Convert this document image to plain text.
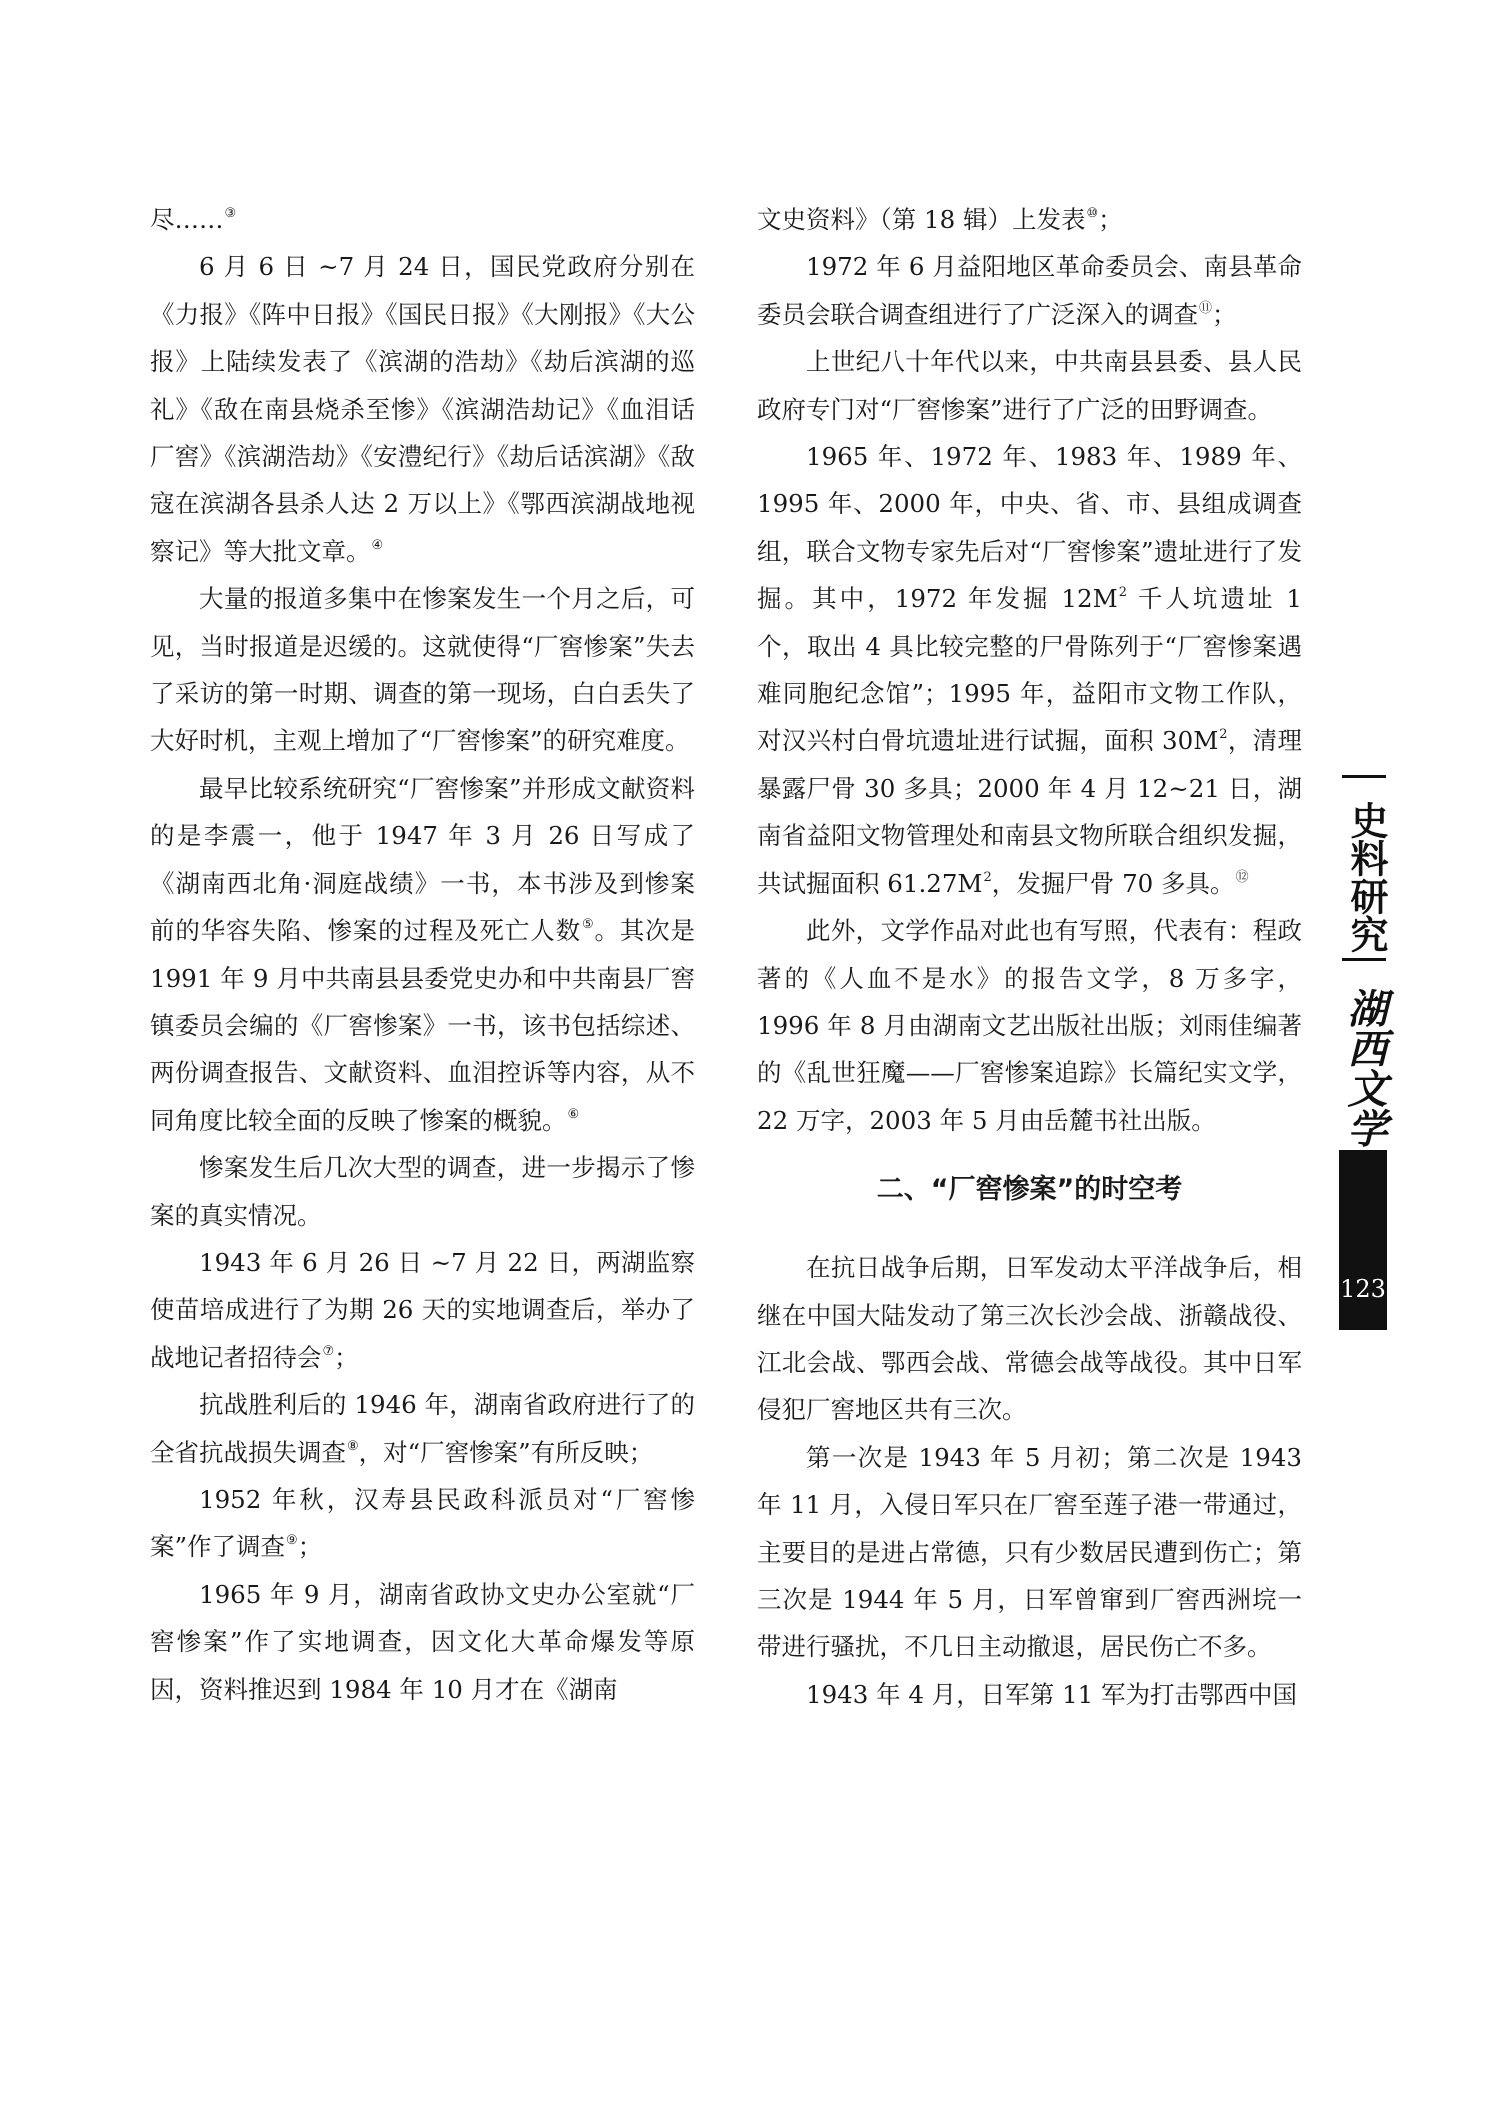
尽……③

6 月 6 日 ~7 月 24 日，国民党政府分别在《力报》《阵中日报》《国民日报》《大刚报》《大公报》上陆续发表了《滨湖的浩劫》《劫后滨湖的巡礼》《敌在南县烧杀至惨》《滨湖浩劫记》《血泪话厂窖》《滨湖浩劫》《安澧纪行》《劫后话滨湖》《敌寇在滨湖各县杀人达 2 万以上》《鄂西滨湖战地视察记》等大批文章。④

大量的报道多集中在惨案发生一个月之后，可见，当时报道是迟缓的。这就使得“厂窖惨案”失去了采访的第一时期、调查的第一现场，白白丢失了大好时机，主观上增加了“厂窖惨案”的研究难度。

最早比较系统研究“厂窖惨案”并形成文献资料的是李震一，他于 1947 年 3 月 26 日写成了《湖南西北角·洞庭战绩》一书，本书涉及到惨案前的华容失陷、惨案的过程及死亡人数⑤。其次是 1991 年 9 月中共南县县委党史办和中共南县厂窖镇委员会编的《厂窖惨案》一书，该书包括综述、两份调查报告、文献资料、血泪控诉等内容，从不同角度比较全面的反映了惨案的概貌。⑥

惨案发生后几次大型的调查，进一步揭示了惨案的真实情况。

1943 年 6 月 26 日 ~7 月 22 日，两湖监察使苗培成进行了为期 26 天的实地调查后，举办了战地记者招待会⑦；

抗战胜利后的 1946 年，湖南省政府进行了的全省抗战损失调查⑧，对“厂窖惨案”有所反映；

1952 年秋，汉寿县民政科派员对“厂窖惨案”作了调查⑨；

1965 年 9 月，湖南省政协文史办公室就“厂窖惨案”作了实地调查，因文化大革命爆发等原因，资料推迟到 1984 年 10 月才在《湖南

文史资料》（第 18 辑）上发表⑩；

1972 年 6 月益阳地区革命委员会、南县革命委员会联合调查组进行了广泛深入的调查⑪；

上世纪八十年代以来，中共南县县委、县人民政府专门对“厂窖惨案”进行了广泛的田野调查。

1965 年、1972 年、1983 年、1989 年、1995 年、2000 年，中央、省、市、县组成调查组，联合文物专家先后对“厂窖惨案”遗址进行了发掘。其中，1972 年发掘 12M$^2$ 千人坑遗址 1 个，取出 4 具比较完整的尸骨陈列于“厂窖惨案遇难同胞纪念馆”；1995 年，益阳市文物工作队，对汉兴村白骨坑遗址进行试掘，面积 30M$^2$，清理暴露尸骨 30 多具；2000 年 4 月 12~21 日，湖南省益阳文物管理处和南县文物所联合组织发掘，共试掘面积 61.27M$^2$，发掘尸骨 70 多具。⑫

此外，文学作品对此也有写照，代表有：程政著的《人血不是水》的报告文学，8 万多字，1996 年 8 月由湖南文艺出版社出版；刘雨佳编著的《乱世狂魔——厂窖惨案追踪》长篇纪实文学，22 万字，2003 年 5 月由岳麓书社出版。

二、“厂窖惨案”的时空考

在抗日战争后期，日军发动太平洋战争后，相继在中国大陆发动了第三次长沙会战、浙赣战役、江北会战、鄂西会战、常德会战等战役。其中日军侵犯厂窖地区共有三次。

第一次是 1943 年 5 月初；第二次是 1943 年 11 月，入侵日军只在厂窖至莲子港一带通过，主要目的是进占常德，只有少数居民遭到伤亡；第三次是 1944 年 5 月，日军曾窜到厂窖西洲垸一带进行骚扰，不几日主动撤退，居民伤亡不多。

1943 年 4 月，日军第 11 军为打击鄂西中国

史料研究
湖西文学
123
